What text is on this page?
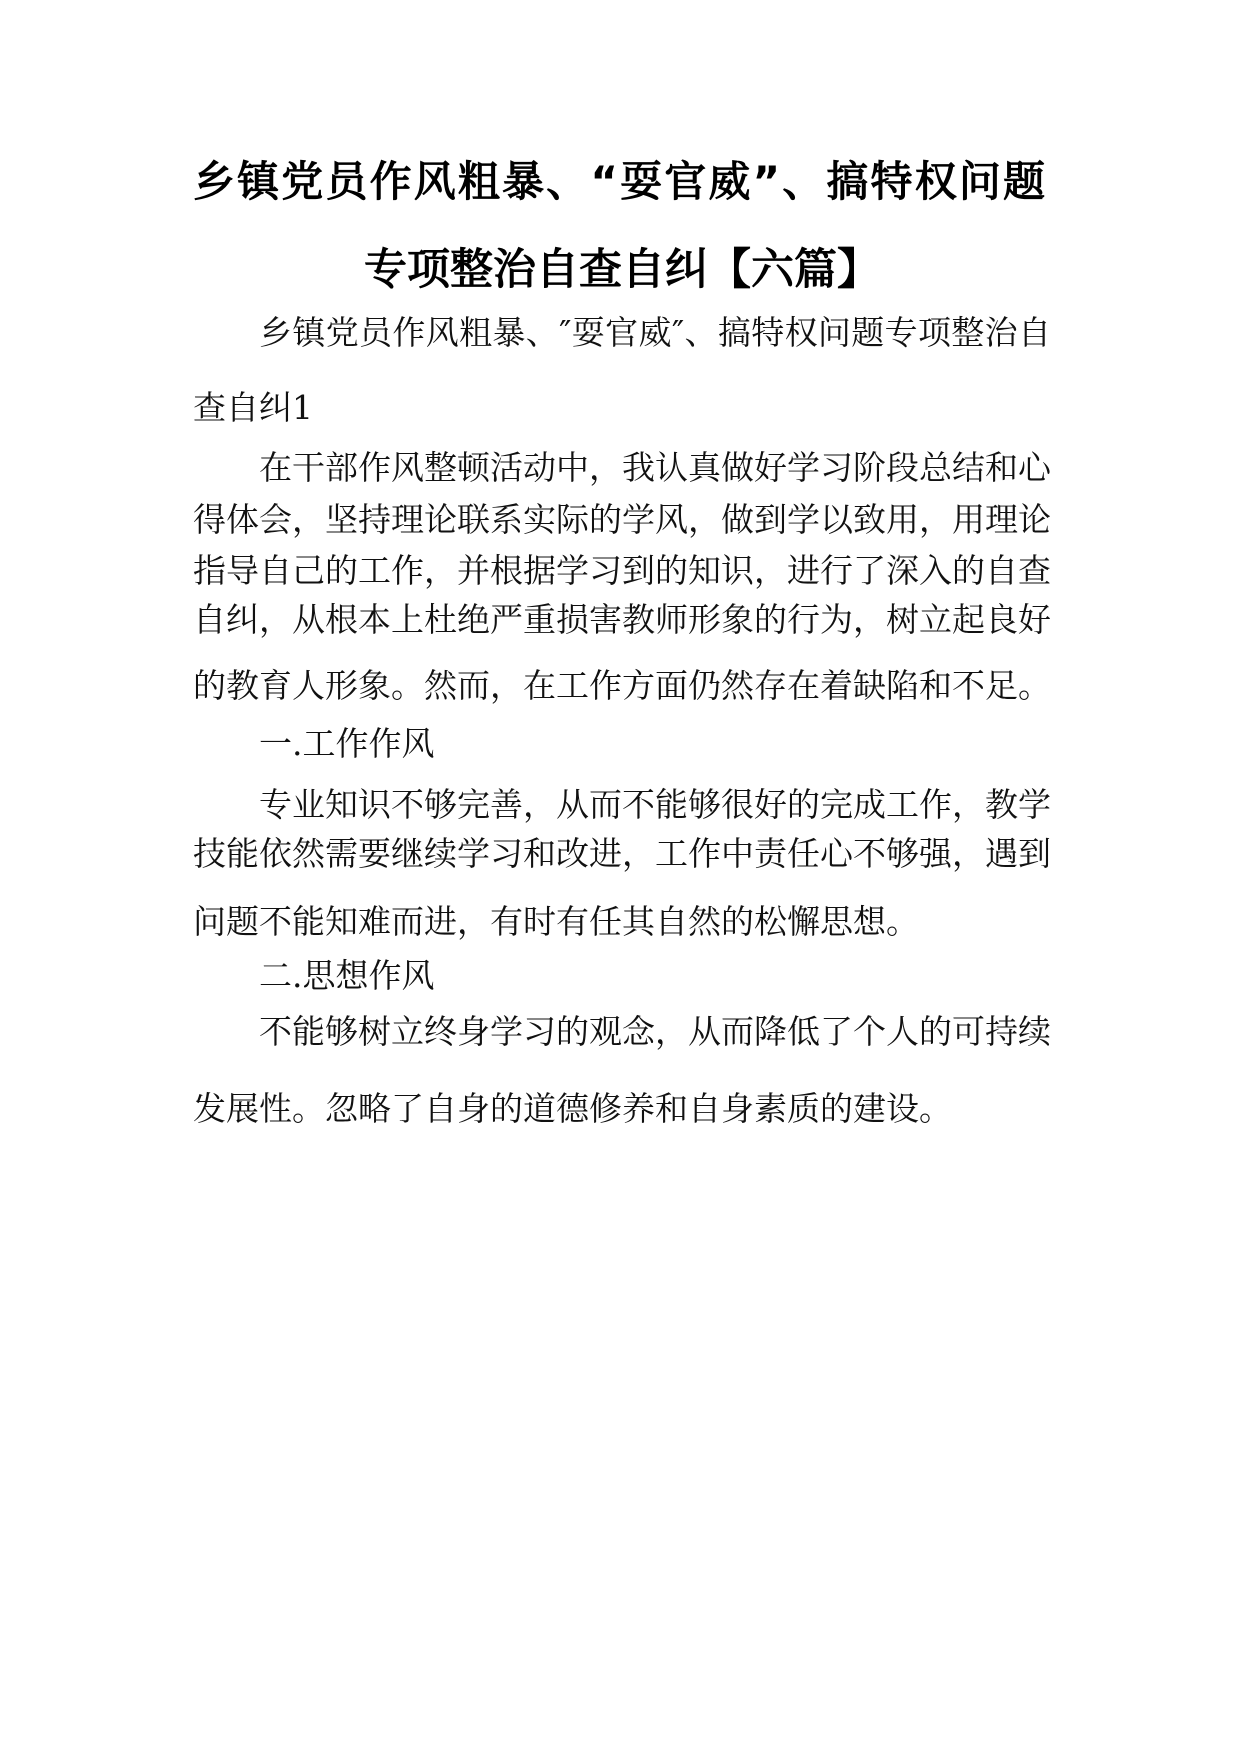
乡镇党员作风粗暴、“耍官威”、搞特权问题
专项整治自查自纠【六篇】
乡镇党员作风粗暴、″耍官威″、搞特权问题专项整治自
查自纠1
在干部作风整顿活动中，我认真做好学习阶段总结和心
得体会，坚持理论联系实际的学风，做到学以致用，用理论
指导自己的工作，并根据学习到的知识，进行了深入的自查
自纠，从根本上杜绝严重损害教师形象的行为，树立起良好
的教育人形象。然而，在工作方面仍然存在着缺陷和不足。
一.工作作风
专业知识不够完善，从而不能够很好的完成工作，教学
技能依然需要继续学习和改进，工作中责任心不够强，遇到
问题不能知难而进，有时有任其自然的松懈思想。
二.思想作风
不能够树立终身学习的观念，从而降低了个人的可持续
发展性。忽略了自身的道德修养和自身素质的建设。
